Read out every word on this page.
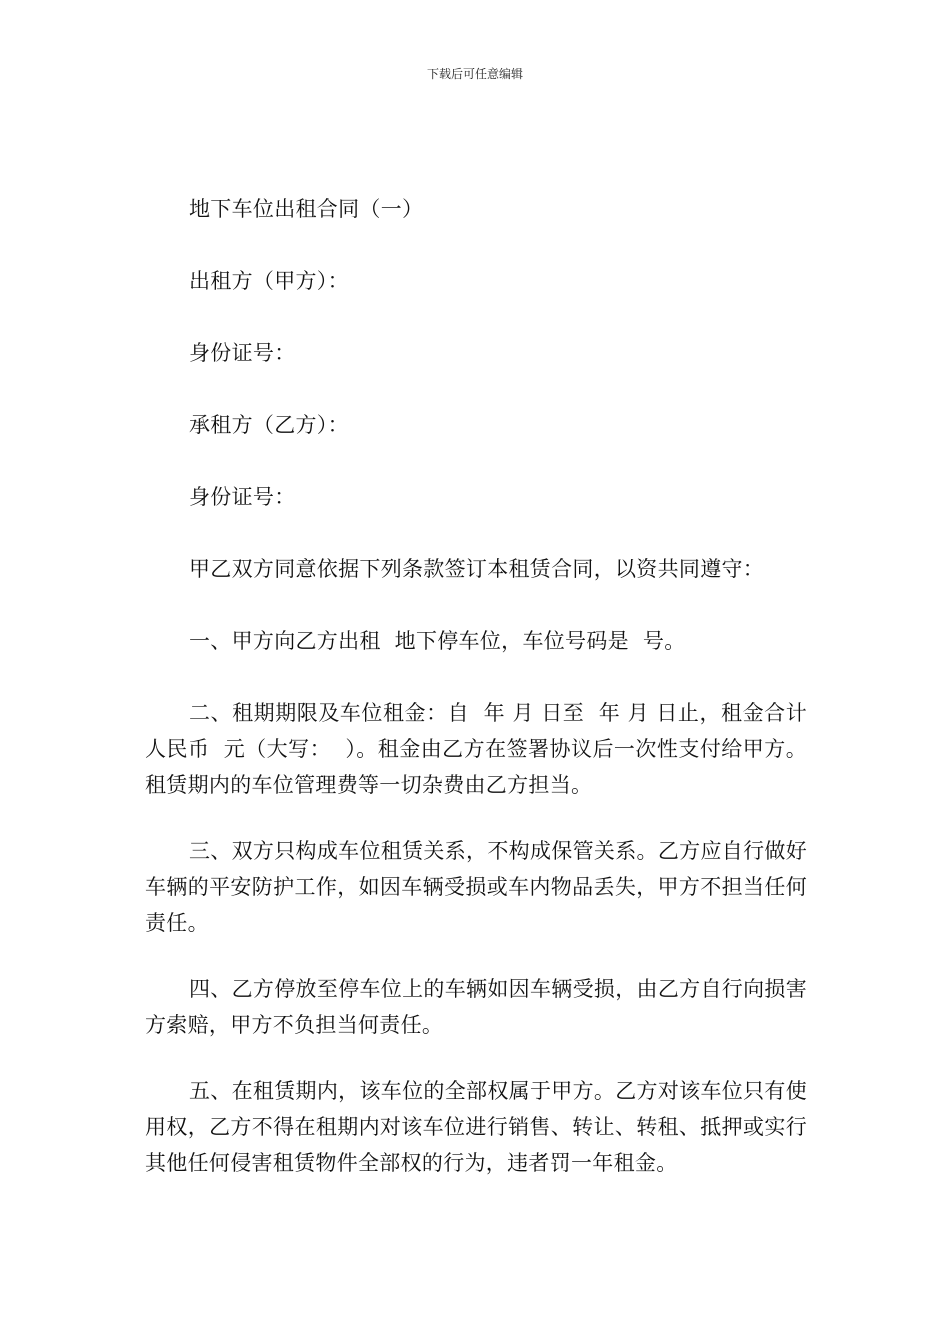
下载后可任意编辑

地下车位出租合同（一）

出租方（甲方）：

身份证号：

承租方（乙方）：

身份证号：

甲乙双方同意依据下列条款签订本租赁合同，以资共同遵守：

一、甲方向乙方出租  地下停车位，车位号码是  号。

二、租期期限及车位租金：自  年 月 日至  年 月 日止，租金合计人民币  元（大写：  ）。租金由乙方在签署协议后一次性支付给甲方。租赁期内的车位管理费等一切杂费由乙方担当。

三、双方只构成车位租赁关系，不构成保管关系。乙方应自行做好车辆的平安防护工作，如因车辆受损或车内物品丢失，甲方不担当任何责任。

四、乙方停放至停车位上的车辆如因车辆受损，由乙方自行向损害方索赔，甲方不负担当何责任。

五、在租赁期内，该车位的全部权属于甲方。乙方对该车位只有使用权，乙方不得在租期内对该车位进行销售、转让、转租、抵押或实行其他任何侵害租赁物件全部权的行为，违者罚一年租金。
